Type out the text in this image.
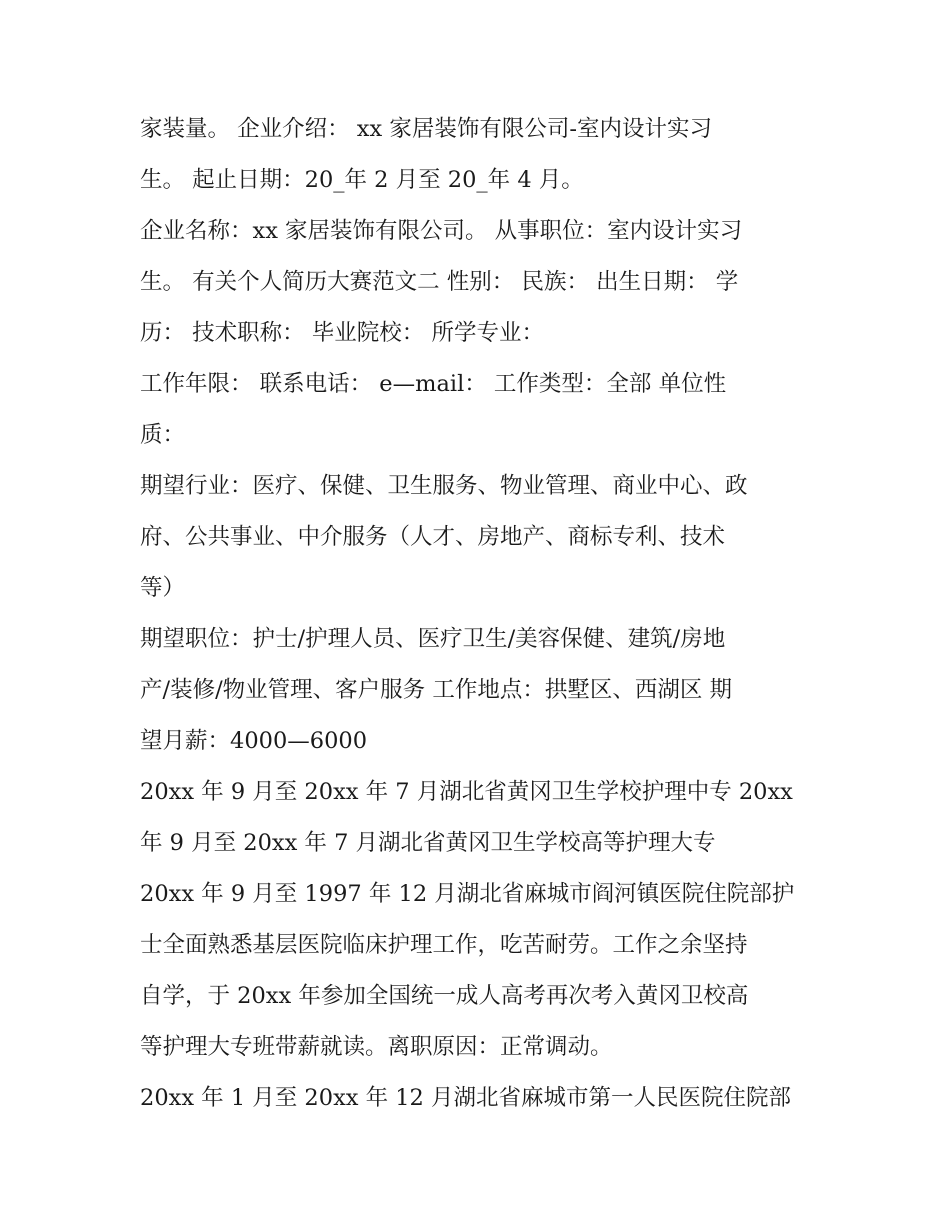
家装量。 企业介绍： xx 家居装饰有限公司-室内设计实习
生。 起止日期：20_年 2 月至 20_年 4 月。
企业名称：xx 家居装饰有限公司。 从事职位：室内设计实习
生。 有关个人简历大赛范文二 性别： 民族： 出生日期： 学
历： 技术职称： 毕业院校： 所学专业：
工作年限： 联系电话： e—mail： 工作类型：全部 单位性
质：
期望行业：医疗、保健、卫生服务、物业管理、商业中心、政
府、公共事业、中介服务（人才、房地产、商标专利、技术
等）
期望职位：护士/护理人员、医疗卫生/美容保健、建筑/房地
产/装修/物业管理、客户服务 工作地点：拱墅区、西湖区 期
望月薪：4000—6000
20xx 年 9 月至 20xx 年 7 月湖北省黄冈卫生学校护理中专 20xx
年 9 月至 20xx 年 7 月湖北省黄冈卫生学校高等护理大专
20xx 年 9 月至 1997 年 12 月湖北省麻城市阎河镇医院住院部护
士全面熟悉基层医院临床护理工作，吃苦耐劳。工作之余坚持
自学，于 20xx 年参加全国统一成人高考再次考入黄冈卫校高
等护理大专班带薪就读。离职原因：正常调动。
20xx 年 1 月至 20xx 年 12 月湖北省麻城市第一人民医院住院部
